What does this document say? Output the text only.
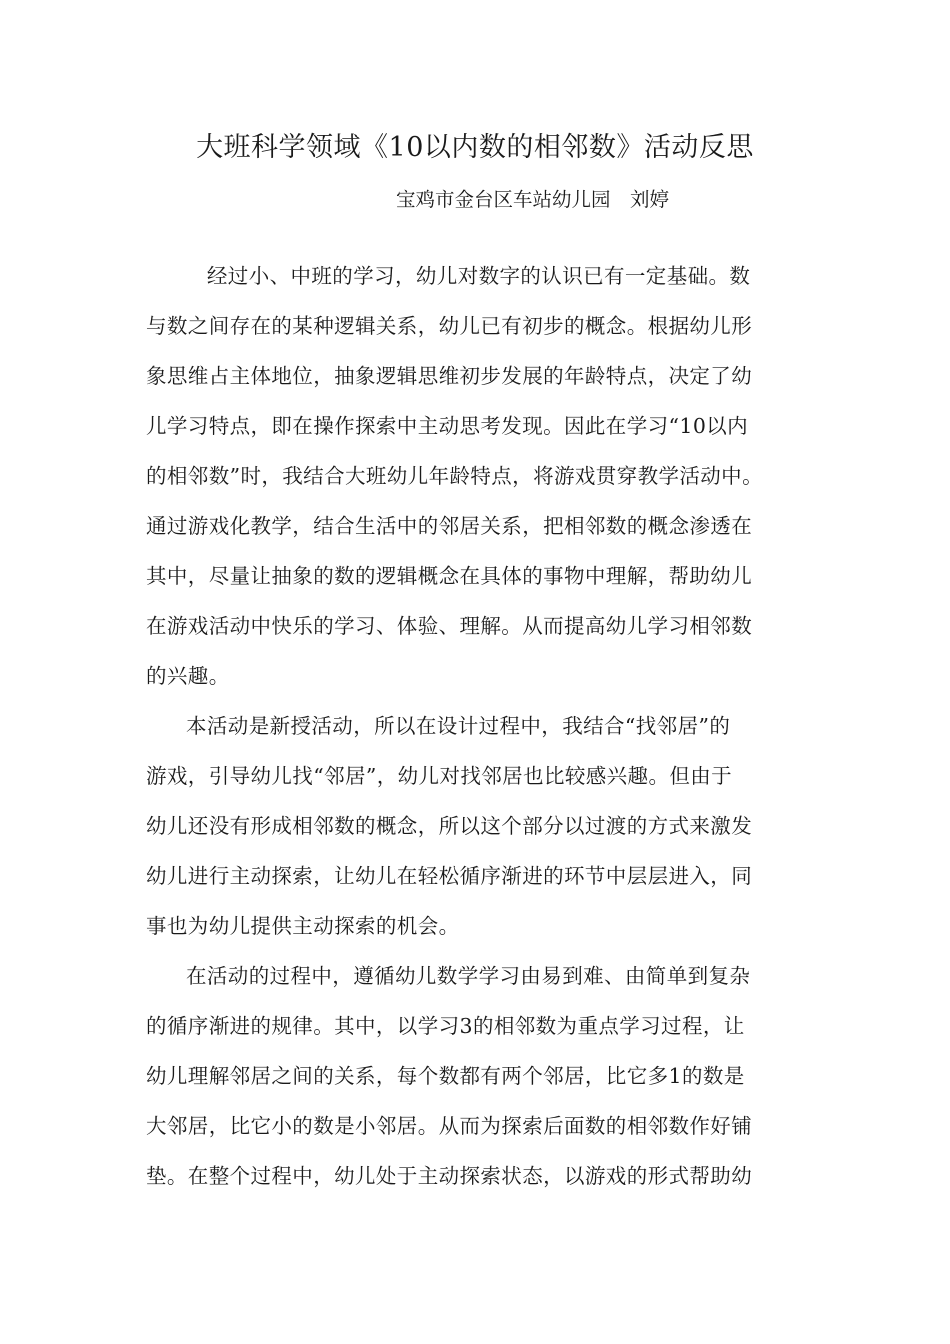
大班科学领域《10以内数的相邻数》活动反思
宝鸡市金台区车站幼儿园　刘婷
　经过小、中班的学习，幼儿对数字的认识已有一定基础。数
与数之间存在的某种逻辑关系，幼儿已有初步的概念。根据幼儿形
象思维占主体地位，抽象逻辑思维初步发展的年龄特点，决定了幼
儿学习特点，即在操作探索中主动思考发现。因此在学习“10以内
的相邻数”时，我结合大班幼儿年龄特点，将游戏贯穿教学活动中。
通过游戏化教学，结合生活中的邻居关系，把相邻数的概念渗透在
其中，尽量让抽象的数的逻辑概念在具体的事物中理解，帮助幼儿
在游戏活动中快乐的学习、体验、理解。从而提高幼儿学习相邻数
的兴趣。
本活动是新授活动，所以在设计过程中，我结合“找邻居”的
游戏，引导幼儿找“邻居”，幼儿对找邻居也比较感兴趣。但由于
幼儿还没有形成相邻数的概念，所以这个部分以过渡的方式来激发
幼儿进行主动探索，让幼儿在轻松循序渐进的环节中层层进入，同
事也为幼儿提供主动探索的机会。
在活动的过程中，遵循幼儿数学学习由易到难、由简单到复杂
的循序渐进的规律。其中，以学习3的相邻数为重点学习过程，让
幼儿理解邻居之间的关系，每个数都有两个邻居，比它多1的数是
大邻居，比它小的数是小邻居。从而为探索后面数的相邻数作好铺
垫。在整个过程中，幼儿处于主动探索状态，以游戏的形式帮助幼
